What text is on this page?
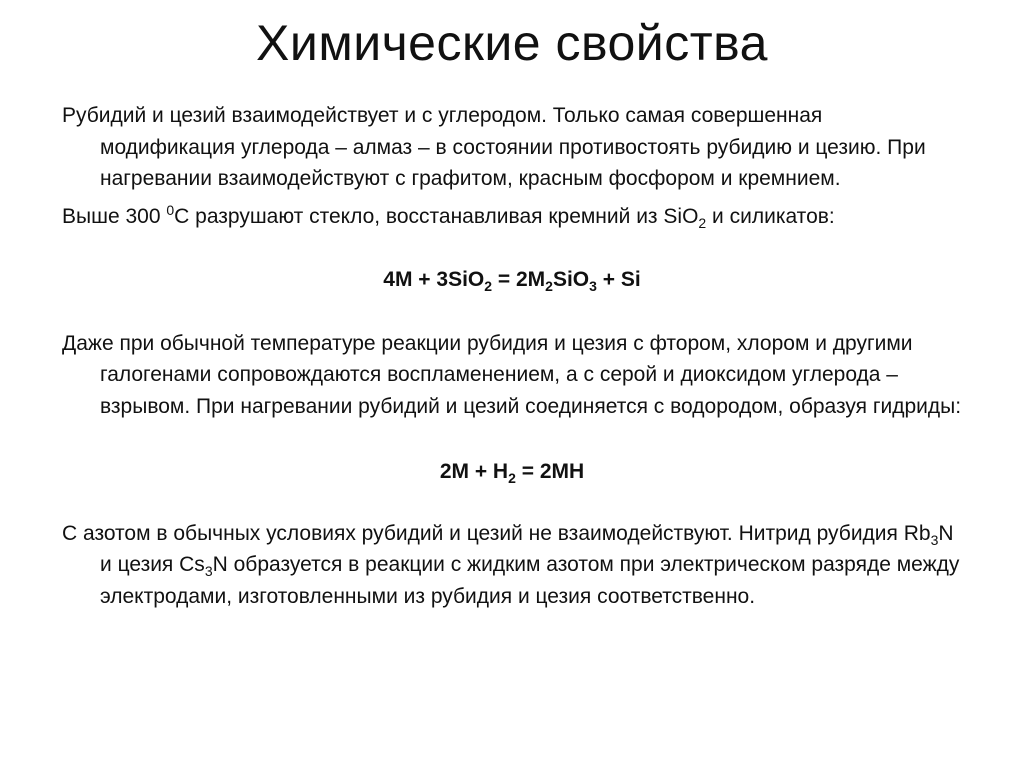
Химические свойства

Рубидий и цезий взаимодействует и с углеродом. Только самая совершенная модификация углерода – алмаз – в состоянии противостоять рубидию и цезию. При нагревании взаимодействуют с графитом, красным фосфором и кремнием.

Выше 300 $^0$С разрушают стекло, восстанавливая кремний из SiO$_2$ и силикатов:

$4M + 3SiO_2 = 2M_2SiO_3 + Si$

Даже при обычной температуре реакции рубидия и цезия с фтором, хлором и другими галогенами сопровождаются воспламенением, а с серой и диоксидом углерода – взрывом. При нагревании рубидий и цезий соединяется с водородом, образуя гидриды:

$2M + H_2 = 2MH$

С азотом в обычных условиях рубидий и цезий не взаимодействуют. Нитрид рубидия $Rb_3N$ и цезия $Cs_3N$ образуется в реакции с жидким азотом при электрическом разряде между электродами, изготовленными из рубидия и цезия соответственно.
